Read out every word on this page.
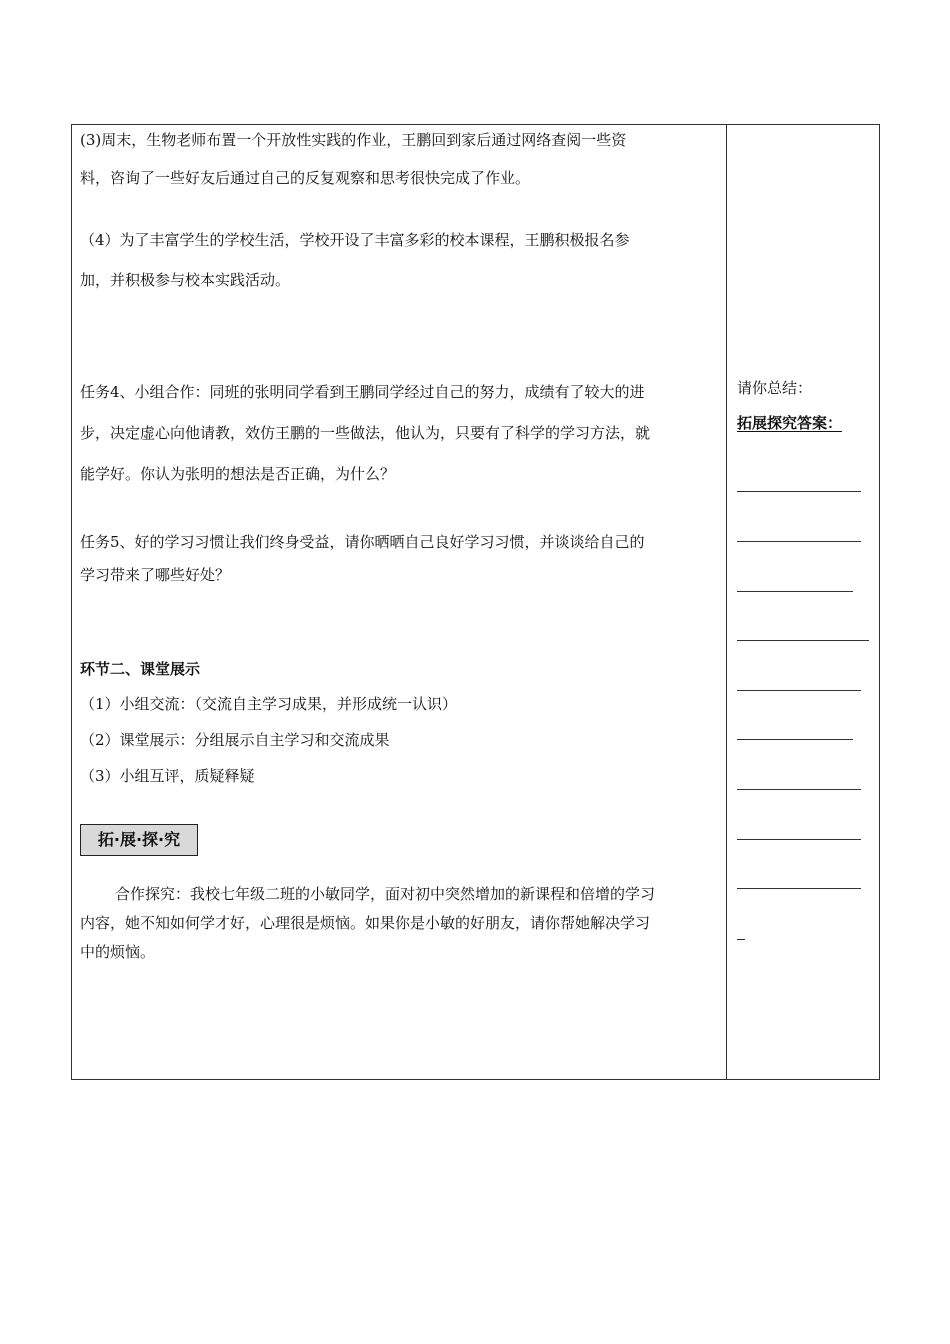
(3)周末，生物老师布置一个开放性实践的作业，王鹏回到家后通过网络查阅一些资
料，咨询了一些好友后通过自己的反复观察和思考很快完成了作业。
（4）为了丰富学生的学校生活，学校开设了丰富多彩的校本课程，王鹏积极报名参
加，并积极参与校本实践活动。
任务4、小组合作：同班的张明同学看到王鹏同学经过自己的努力，成绩有了较大的进
步，决定虚心向他请教，效仿王鹏的一些做法，他认为，只要有了科学的学习方法，就
能学好。你认为张明的想法是否正确，为什么？
任务5、好的学习习惯让我们终身受益，请你晒晒自己良好学习习惯，并谈谈给自己的
学习带来了哪些好处？
环节二、课堂展示
（1）小组交流：（交流自主学习成果，并形成统一认识）
（2）课堂展示：分组展示自主学习和交流成果
（3）小组互评，质疑释疑
拓·展·探·究
合作探究：我校七年级二班的小敏同学，面对初中突然增加的新课程和倍增的学习
内容，她不知如何学才好，心理很是烦恼。如果你是小敏的好朋友，请你帮她解决学习
中的烦恼。
请你总结：
拓展探究答案：
